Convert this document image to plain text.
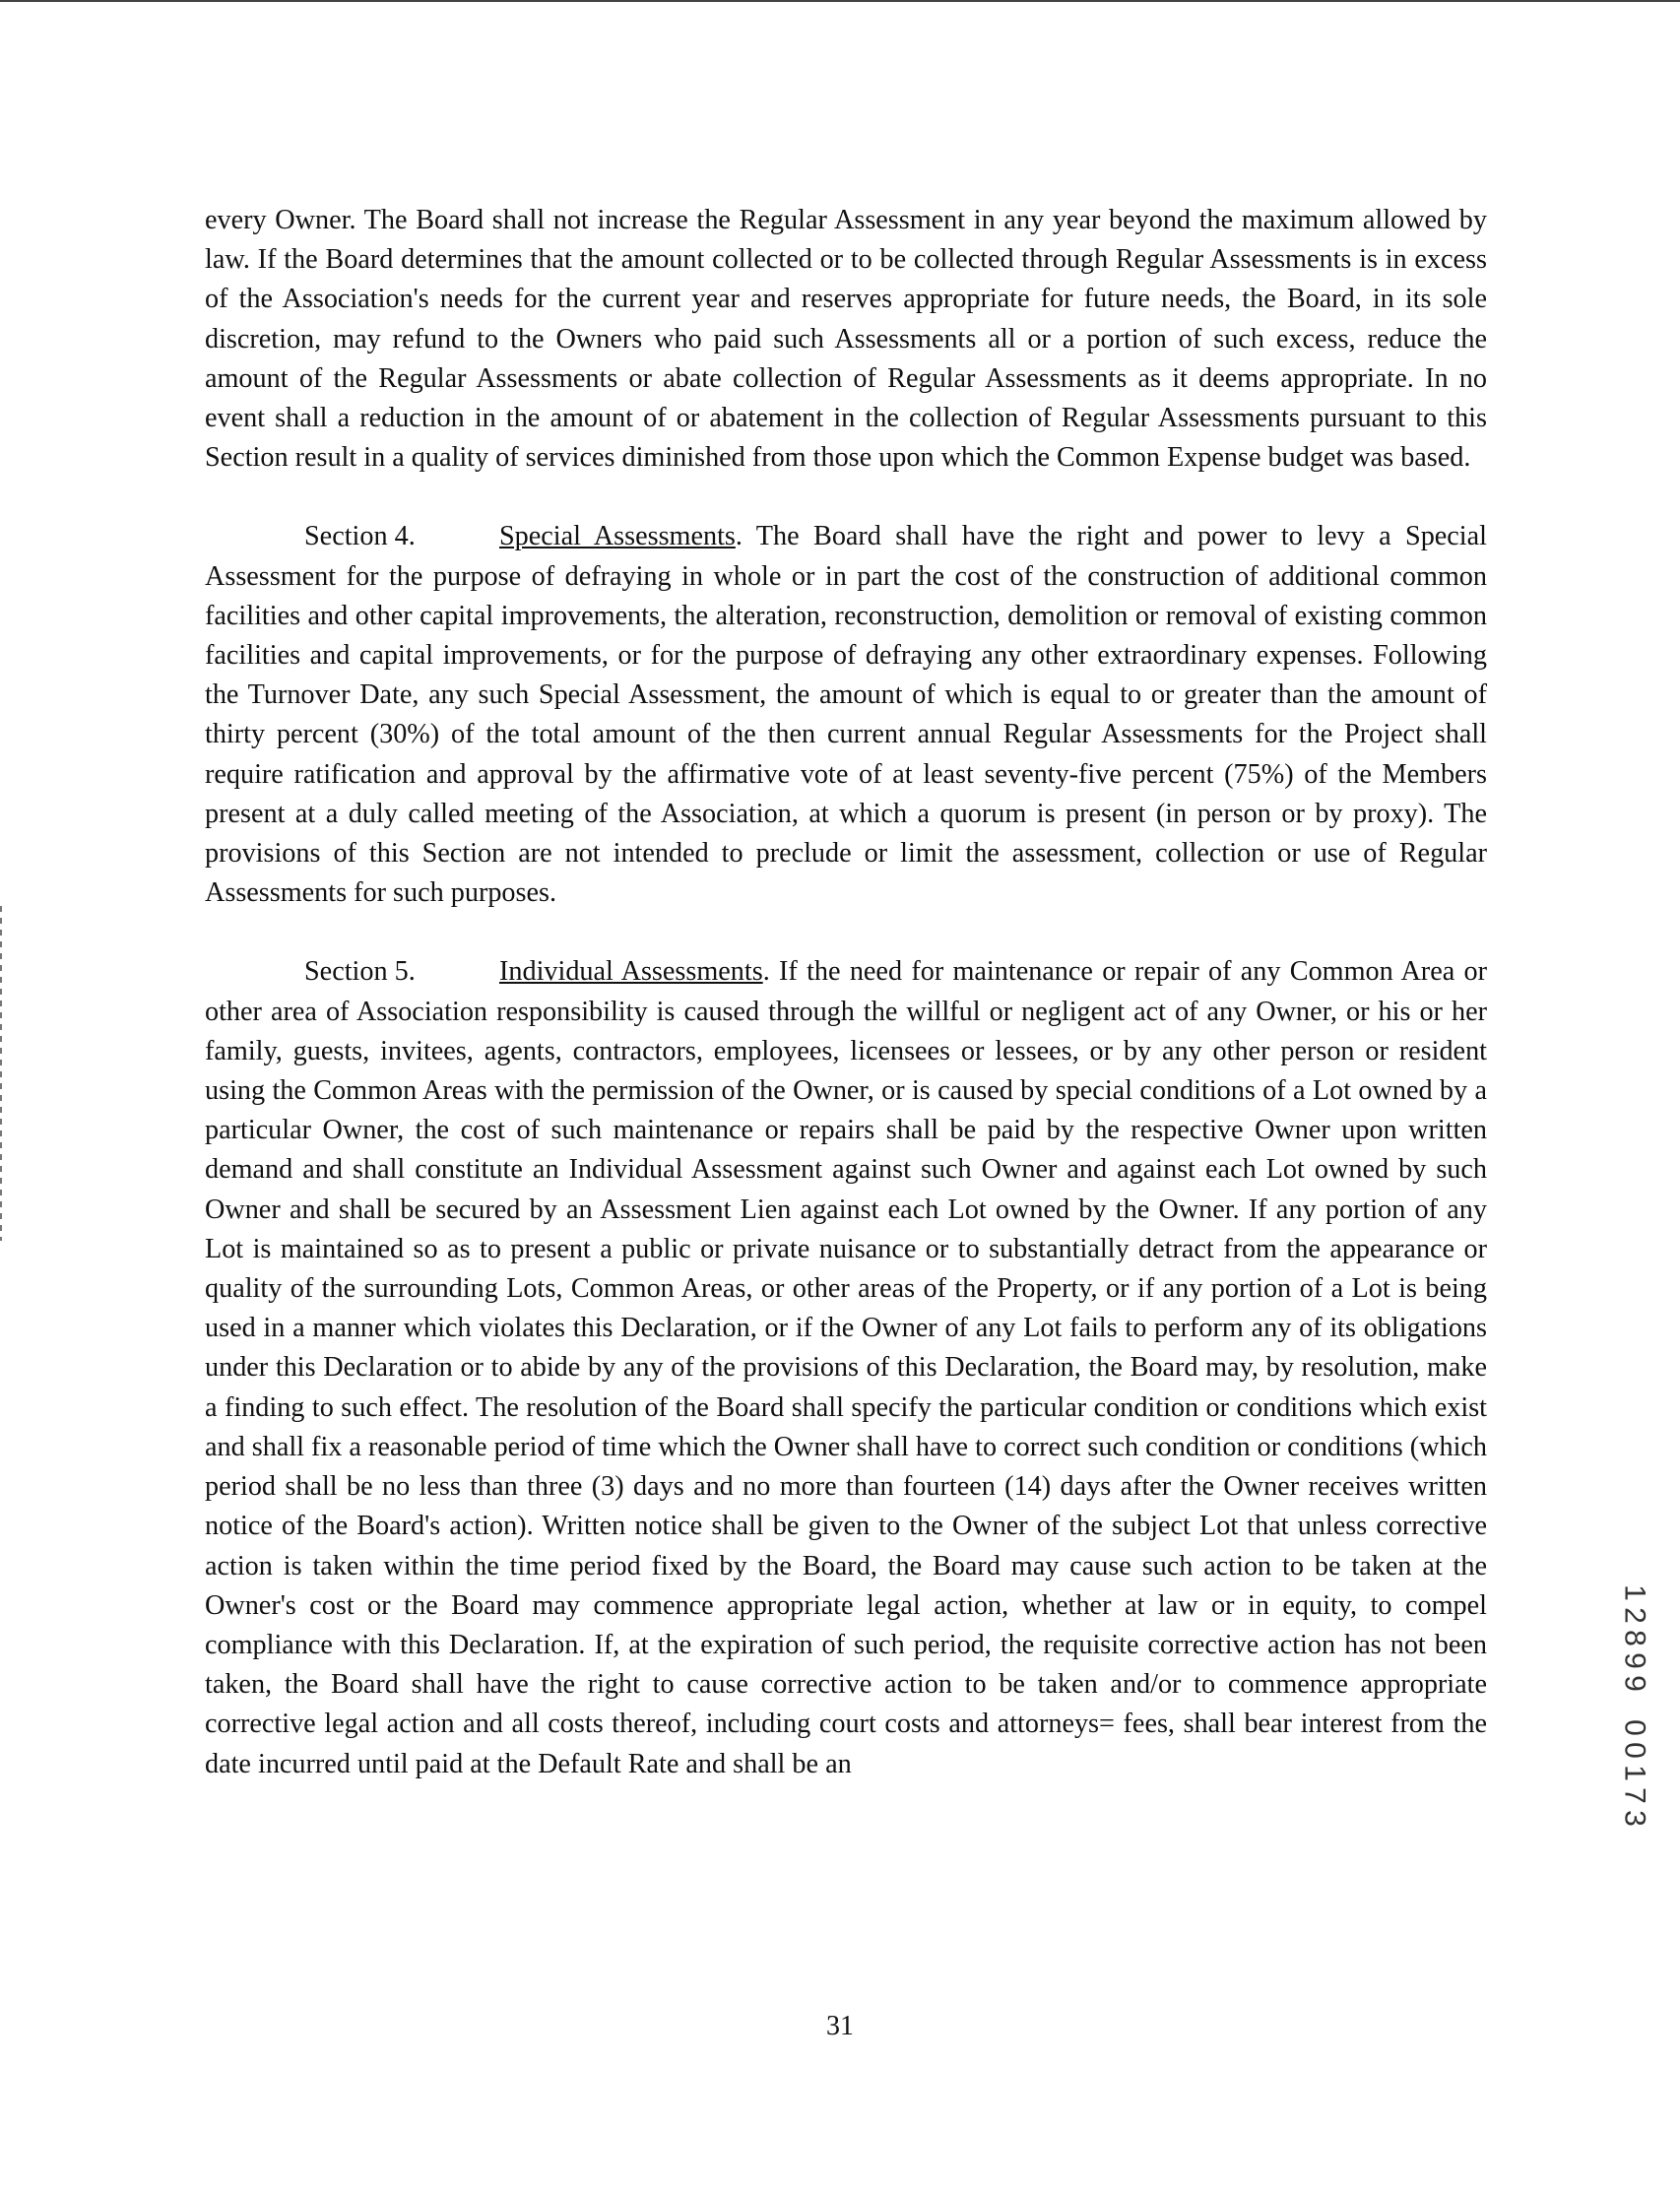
every Owner. The Board shall not increase the Regular Assessment in any year beyond the maximum allowed by law. If the Board determines that the amount collected or to be collected through Regular Assessments is in excess of the Association's needs for the current year and reserves appropriate for future needs, the Board, in its sole discretion, may refund to the Owners who paid such Assessments all or a portion of such excess, reduce the amount of the Regular Assessments or abate collection of Regular Assessments as it deems appropriate. In no event shall a reduction in the amount of or abatement in the collection of Regular Assessments pursuant to this Section result in a quality of services diminished from those upon which the Common Expense budget was based.

Section 4.	Special Assessments. The Board shall have the right and power to levy a Special Assessment for the purpose of defraying in whole or in part the cost of the construction of additional common facilities and other capital improvements, the alteration, reconstruction, demolition or removal of existing common facilities and capital improvements, or for the purpose of defraying any other extraordinary expenses. Following the Turnover Date, any such Special Assessment, the amount of which is equal to or greater than the amount of thirty percent (30%) of the total amount of the then current annual Regular Assessments for the Project shall require ratification and approval by the affirmative vote of at least seventy-five percent (75%) of the Members present at a duly called meeting of the Association, at which a quorum is present (in person or by proxy). The provisions of this Section are not intended to preclude or limit the assessment, collection or use of Regular Assessments for such purposes.

Section 5.	Individual Assessments. If the need for maintenance or repair of any Common Area or other area of Association responsibility is caused through the willful or negligent act of any Owner, or his or her family, guests, invitees, agents, contractors, employees, licensees or lessees, or by any other person or resident using the Common Areas with the permission of the Owner, or is caused by special conditions of a Lot owned by a particular Owner, the cost of such maintenance or repairs shall be paid by the respective Owner upon written demand and shall constitute an Individual Assessment against such Owner and against each Lot owned by such Owner and shall be secured by an Assessment Lien against each Lot owned by the Owner. If any portion of any Lot is maintained so as to present a public or private nuisance or to substantially detract from the appearance or quality of the surrounding Lots, Common Areas, or other areas of the Property, or if any portion of a Lot is being used in a manner which violates this Declaration, or if the Owner of any Lot fails to perform any of its obligations under this Declaration or to abide by any of the provisions of this Declaration, the Board may, by resolution, make a finding to such effect. The resolution of the Board shall specify the particular condition or conditions which exist and shall fix a reasonable period of time which the Owner shall have to correct such condition or conditions (which period shall be no less than three (3) days and no more than fourteen (14) days after the Owner receives written notice of the Board's action). Written notice shall be given to the Owner of the subject Lot that unless corrective action is taken within the time period fixed by the Board, the Board may cause such action to be taken at the Owner's cost or the Board may commence appropriate legal action, whether at law or in equity, to compel compliance with this Declaration. If, at the expiration of such period, the requisite corrective action has not been taken, the Board shall have the right to cause corrective action to be taken and/or to commence appropriate corrective legal action and all costs thereof, including court costs and attorneys= fees, shall bear interest from the date incurred until paid at the Default Rate and shall be an

1
2
8
9
9
0
0
1
7
3
31
